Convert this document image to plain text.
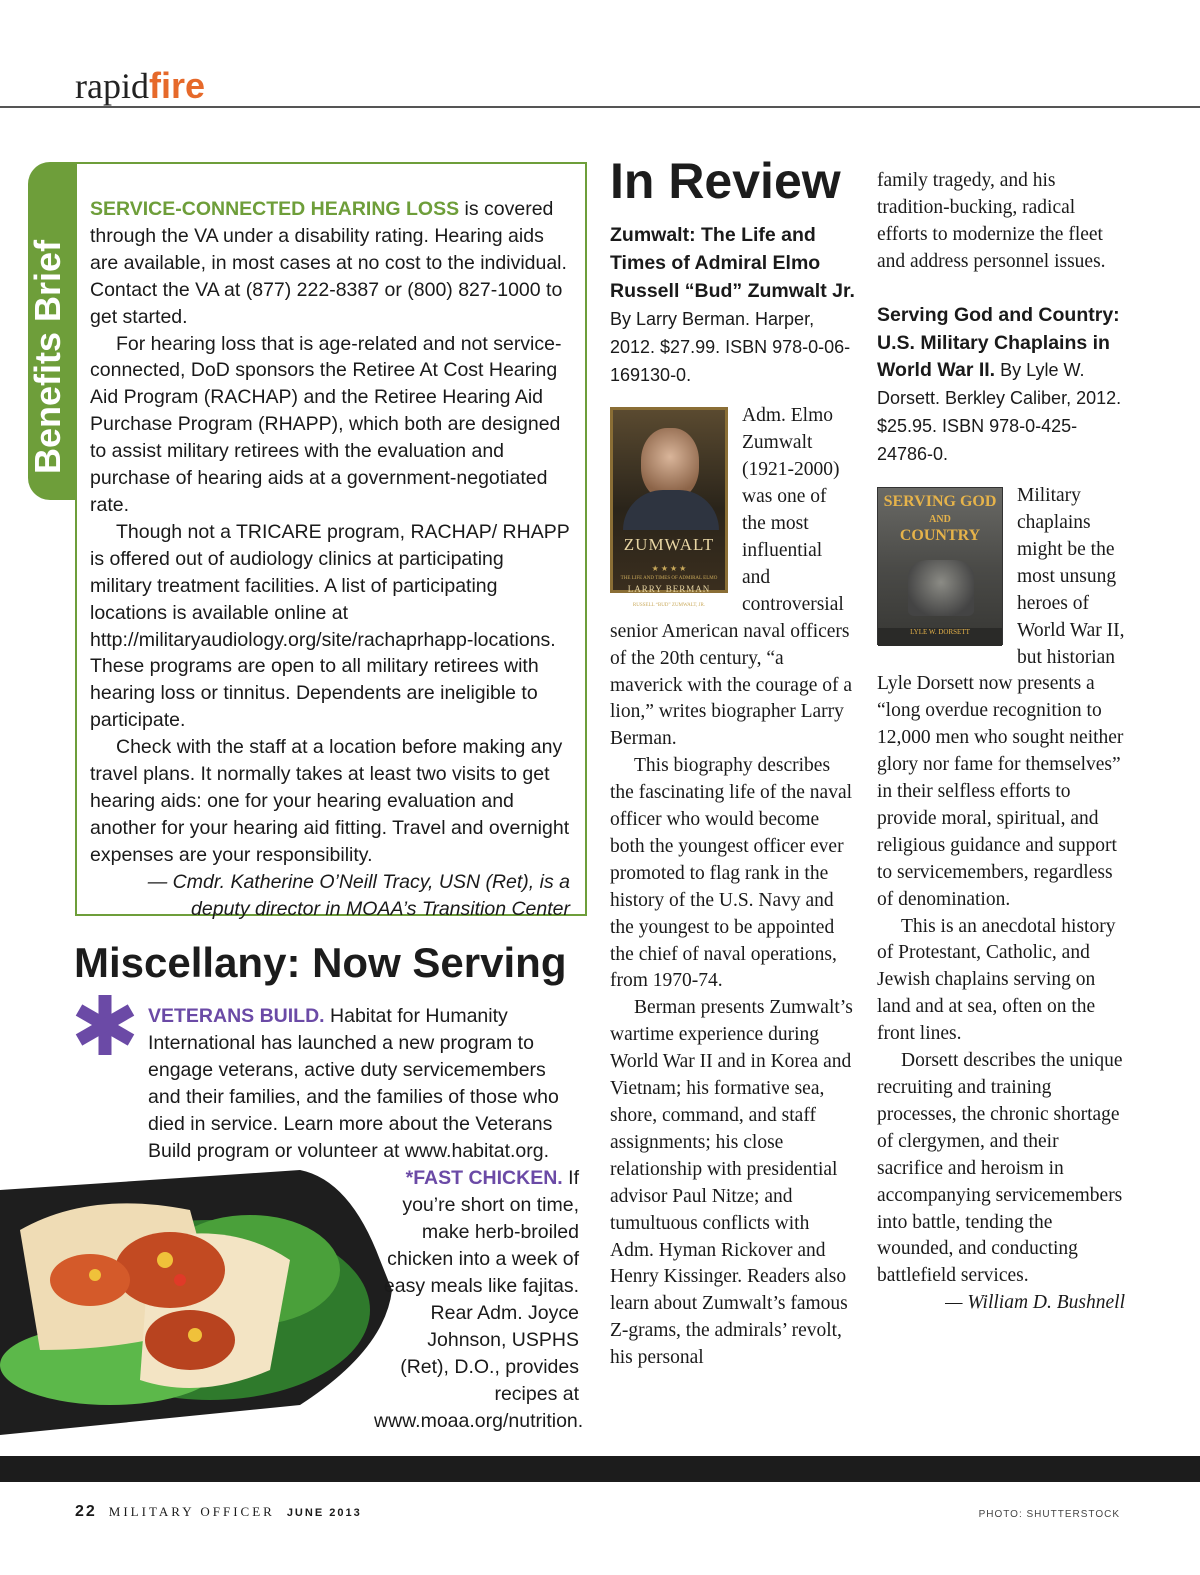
rapidfire
Benefits Brief

SERVICE-CONNECTED HEARING LOSS is covered through the VA under a disability rating. Hearing aids are available, in most cases at no cost to the individual. Contact the VA at (877) 222-8387 or (800) 827-1000 to get started.

For hearing loss that is age-related and not service-connected, DoD sponsors the Retiree At Cost Hearing Aid Program (RACHAP) and the Retiree Hearing Aid Purchase Program (RHAPP), which both are designed to assist military retirees with the evaluation and purchase of hearing aids at a government-negotiated rate.

Though not a TRICARE program, RACHAP/ RHAPP is offered out of audiology clinics at participating military treatment facilities. A list of participating locations is available online at http://militaryaudiology.org/site/rachaprhapp-locations. These programs are open to all military retirees with hearing loss or tinnitus. Dependents are ineligible to participate.

Check with the staff at a location before making any travel plans. It normally takes at least two visits to get hearing aids: one for your hearing evaluation and another for your hearing aid fitting. Travel and overnight expenses are your responsibility.

— Cmdr. Katherine O’Neill Tracy, USN (Ret), is a

deputy director in MOAA’s Transition Center

Miscellany: Now Serving

VETERANS BUILD. Habitat for Humanity International has launched a new program to engage veterans, active duty servicemembers and their families, and the families of those who died in service. Learn more about the Veterans Build program or volunteer at www.habitat.org.

*FAST CHICKEN. If you’re short on time, make herb-broiled chicken into a week of easy meals like fajitas. Rear Adm. Joyce Johnson, USPHS (Ret), D.O., provides recipes at www.moaa.org/nutrition.

In Review

Zumwalt: The Life and Times of Admiral Elmo Russell “Bud” Zumwalt Jr. By Larry Berman. Harper, 2012. $27.99. ISBN 978-0-06-169130-0.

ZUMWALT
★ ★ ★ ★
THE LIFE AND TIMES OF ADMIRAL ELMO RUSSELL “BUD” ZUMWALT, JR.
LARRY BERMAN

Adm. Elmo Zumwalt (1921-2000) was one of the most influential and controversial senior American naval officers of the 20th century, “a maverick with the courage of a lion,” writes biographer Larry Berman.

This biography describes the fascinating life of the naval officer who would become both the youngest officer ever promoted to flag rank in the history of the U.S. Navy and the youngest to be appointed the chief of naval operations, from 1970-74.

Berman presents Zumwalt’s wartime experience during World War II and in Korea and Vietnam; his formative sea, shore, command, and staff assignments; his close relationship with presidential advisor Paul Nitze; and tumultuous conflicts with Adm. Hyman Rickover and Henry Kissinger. Readers also learn about Zumwalt’s famous Z-grams, the admirals’ revolt, his personal

family tragedy, and his tradition-bucking, radical efforts to modernize the fleet and address personnel issues.

Serving God and Country: U.S. Military Chaplains in World War II. By Lyle W. Dorsett. Berkley Caliber, 2012. $25.95. ISBN 978-0-425-24786-0.

SERVING GOD
AND
COUNTRY
LYLE W. DORSETT

Military chaplains might be the most unsung heroes of World War II, but historian Lyle Dorsett now presents a “long overdue recognition to 12,000 men who sought neither glory nor fame for themselves” in their selfless efforts to provide moral, spiritual, and religious guidance and support to servicemembers, regardless of denomination.

This is an anecdotal history of Protestant, Catholic, and Jewish chaplains serving on land and at sea, often on the front lines.

Dorsett describes the unique recruiting and training processes, the chronic shortage of clergymen, and their sacrifice and heroism in accompanying servicemembers into battle, tending the wounded, and conducting battlefield services.

— William D. Bushnell

22 MILITARY OFFICER JUNE 2013	PHOTO: SHUTTERSTOCK
